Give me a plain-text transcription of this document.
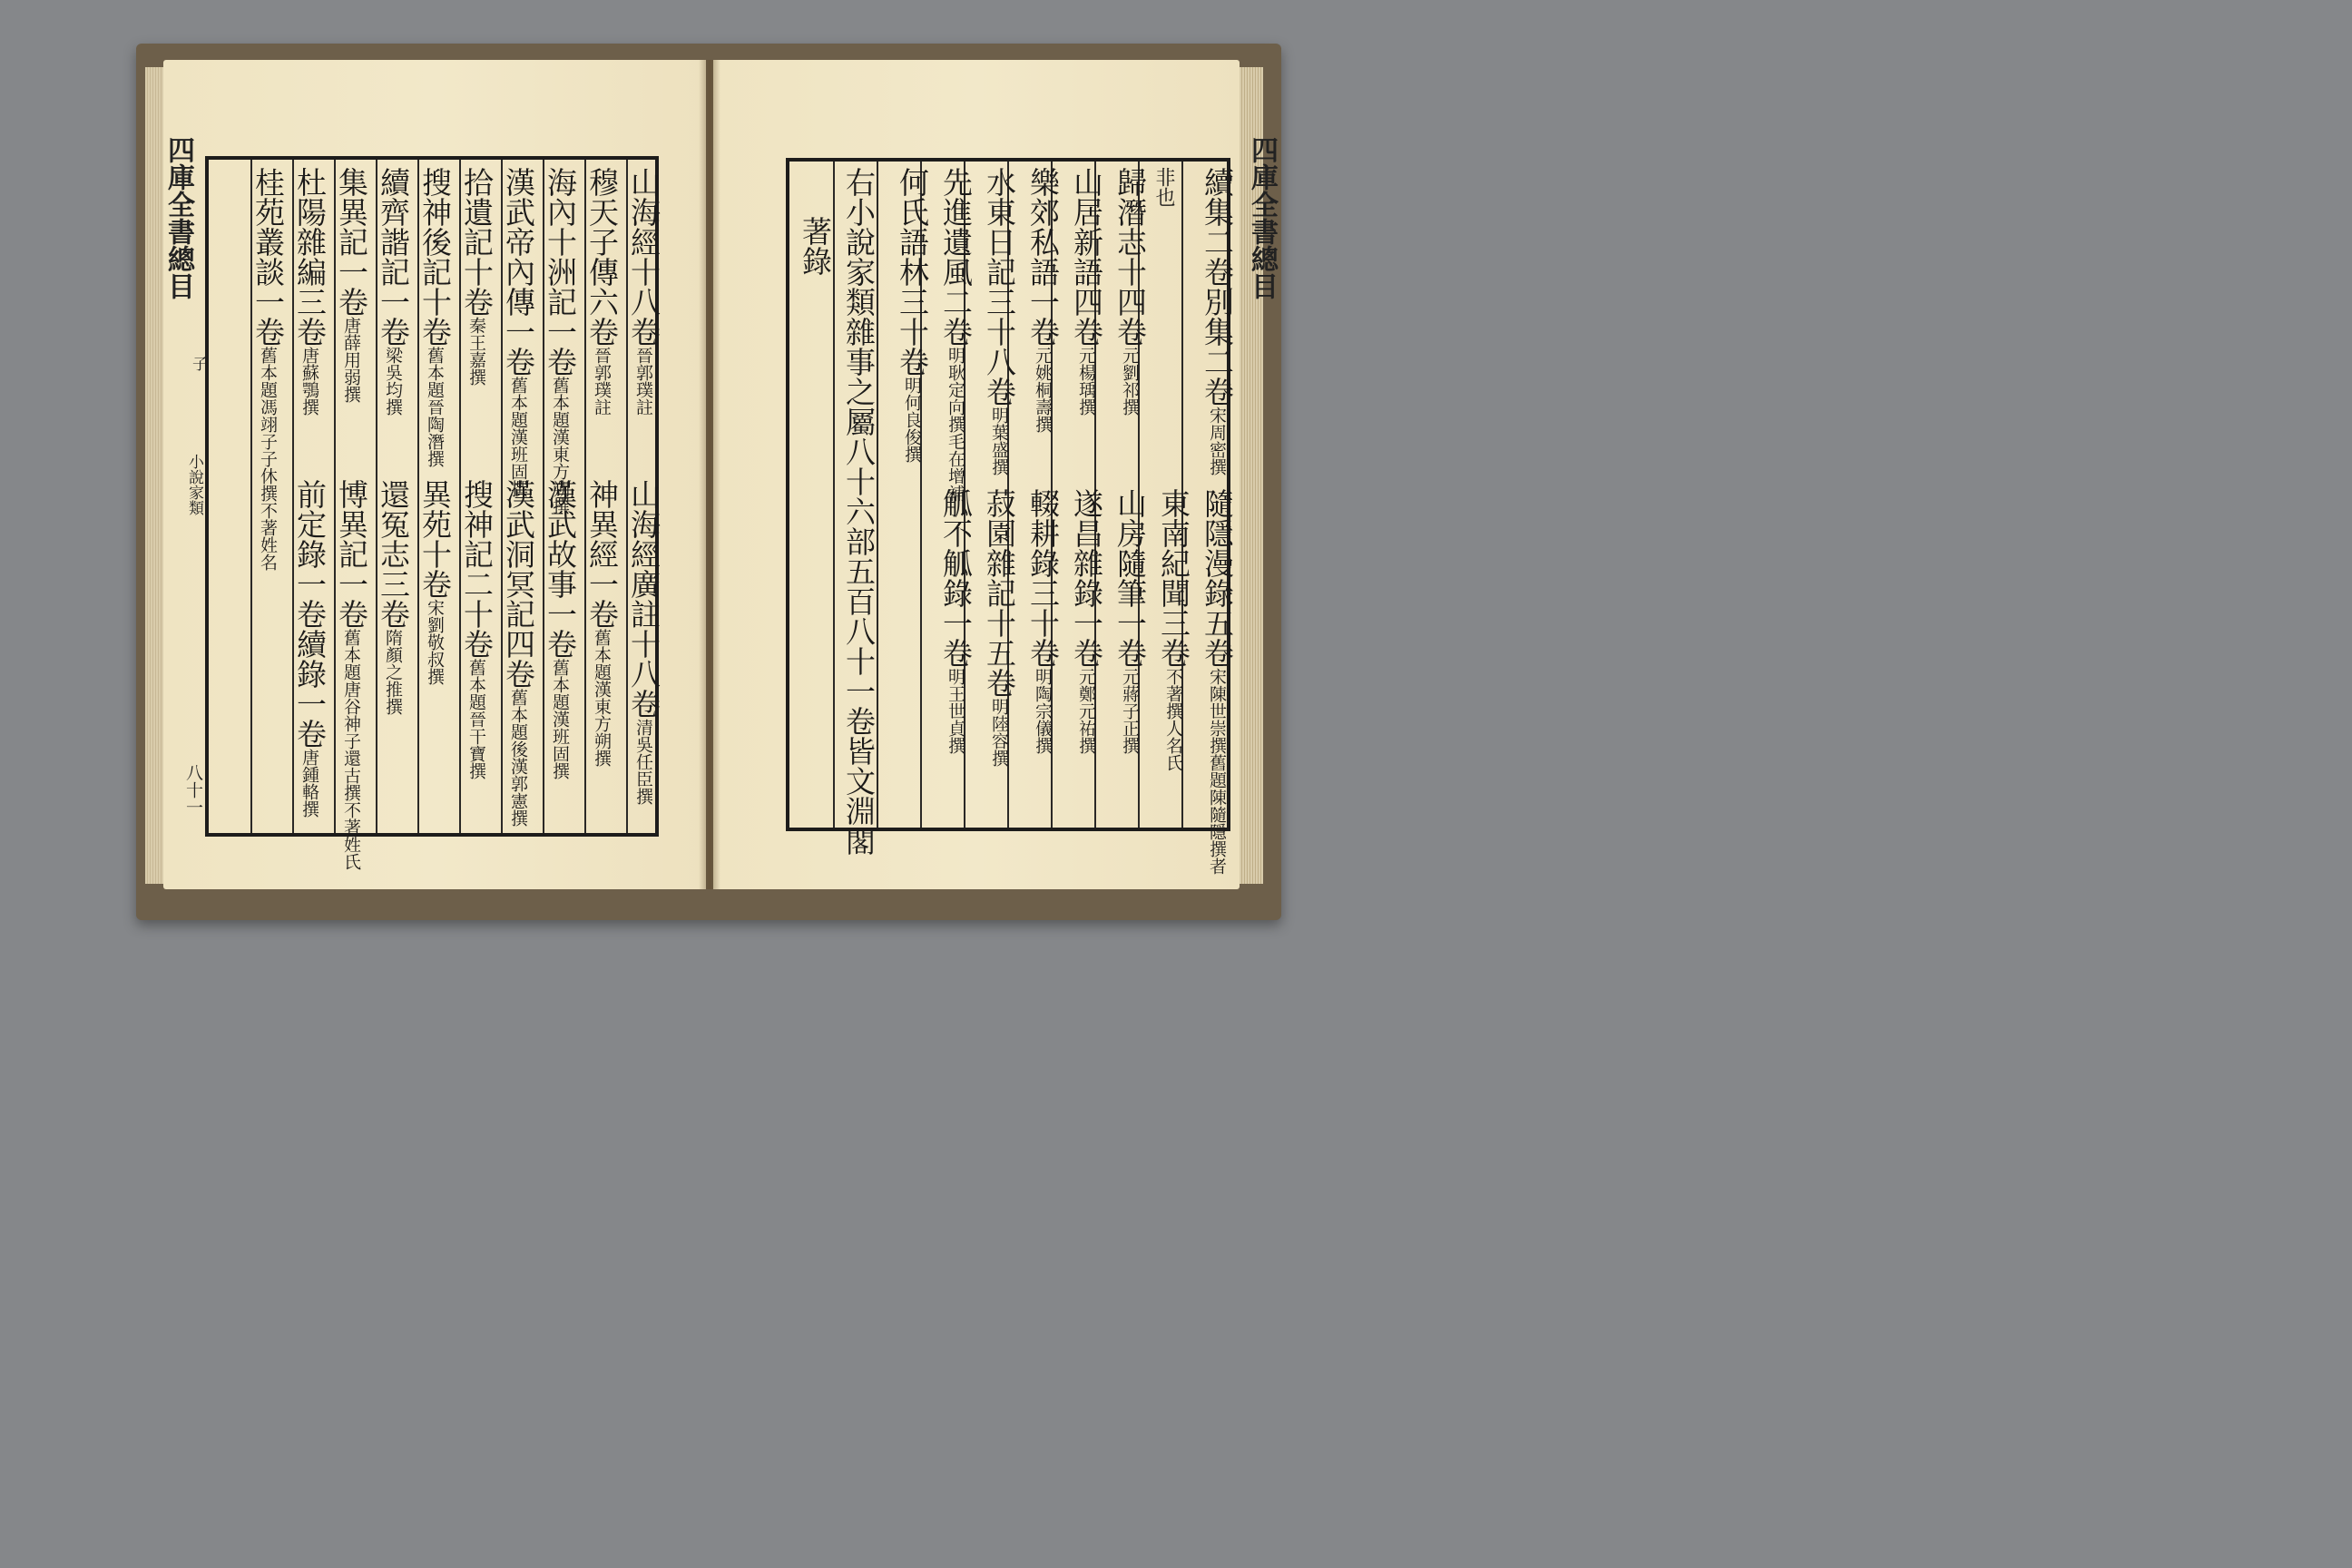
四庫全書總目
子
小說家類
八十一
山海經十八卷晉郭璞註
山海經廣註十八卷清吳任臣撰
穆天子傳六卷晉郭璞註
神異經一卷舊本題漢東方朔撰
海內十洲記一卷舊本題漢東方朔撰
漢武故事一卷舊本題漢班固撰
漢武帝內傳一卷舊本題漢班固撰
漢武洞冥記四卷舊本題後漢郭憲撰
拾遺記十卷秦王嘉撰
搜神記二十卷舊本題晉干寶撰
搜神後記十卷舊本題晉陶潛撰
異苑十卷宋劉敬叔撰
續齊諧記一卷梁吳均撰
還冤志三卷隋顏之推撰
集異記一卷唐薛用弱撰
博異記一卷舊本題唐谷神子還古撰不著姓氏
杜陽雜編三卷唐蘇鶚撰
前定錄一卷續錄一卷唐鍾輅撰
桂苑叢談一卷舊本題馮翊子子休撰不著姓名
四庫全書總目
續集二卷別集二卷宋周密撰
隨隱漫錄五卷宋陳世崇撰舊題陳隨隱撰者
非也
東南紀聞三卷不著撰人名氏
歸潛志十四卷元劉祁撰
山房隨筆一卷元蔣子正撰
山居新語四卷元楊瑀撰
遂昌雜錄一卷元鄭元祐撰
樂郊私語一卷元姚桐壽撰
輟耕錄三十卷明陶宗儀撰
水東日記三十八卷明葉盛撰
菽園雜記十五卷明陸容撰
先進遺風二卷明耿定向撰毛在增補
觚不觚錄一卷明王世貞撰
何氏語林三十卷明何良俊撰
右小說家類雜事之屬八十六部五百八十一卷皆文淵閣
著錄
